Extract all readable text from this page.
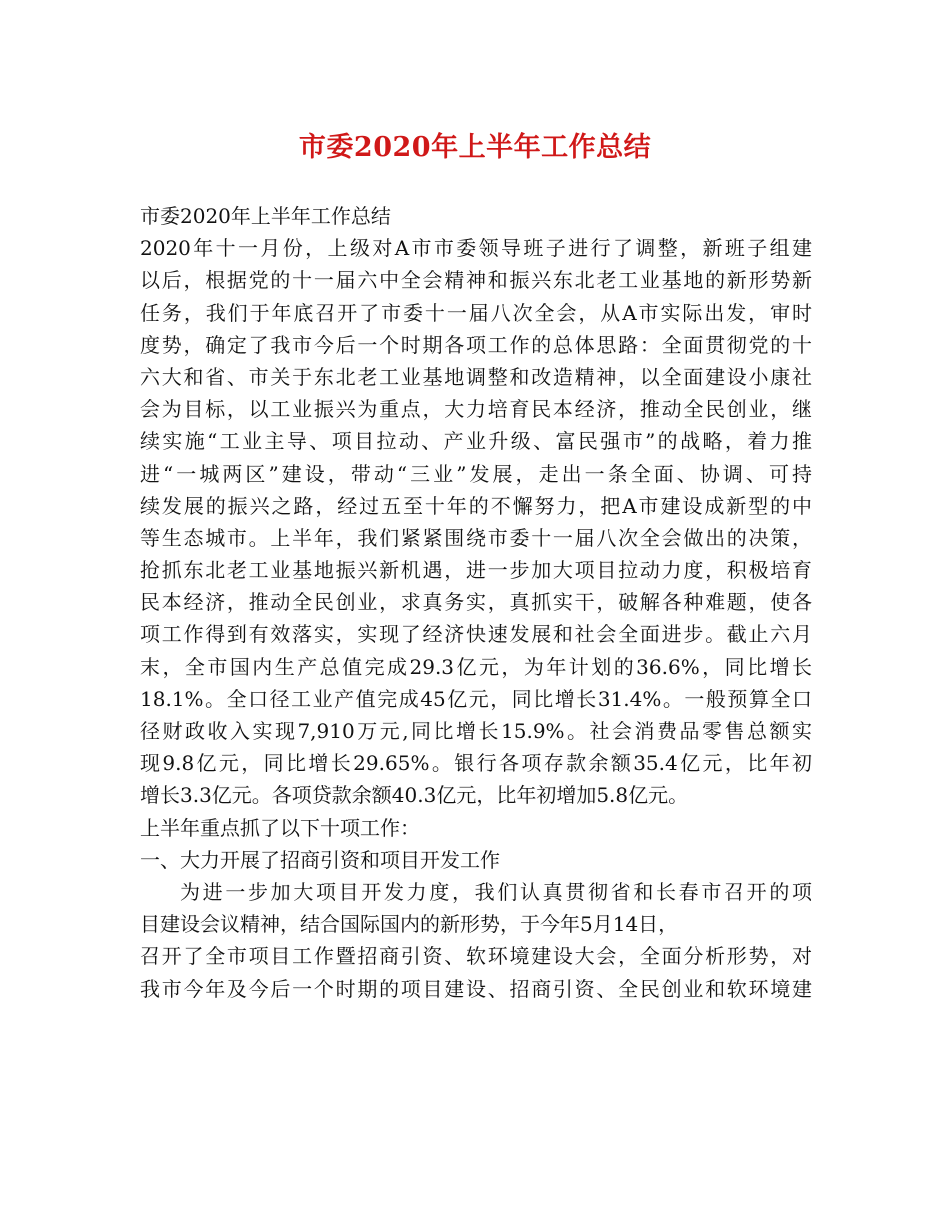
市委2020年上半年工作总结
市委2020年上半年工作总结
2020年十一月份，上级对A市市委领导班子进行了调整，新班子组建
以后，根据党的十一届六中全会精神和振兴东北老工业基地的新形势新
任务，我们于年底召开了市委十一届八次全会，从A市实际出发，审时
度势，确定了我市今后一个时期各项工作的总体思路：全面贯彻党的十
六大和省、市关于东北老工业基地调整和改造精神，以全面建设小康社
会为目标，以工业振兴为重点，大力培育民本经济，推动全民创业，继
续实施“工业主导、项目拉动、产业升级、富民强市”的战略，着力推
进“一城两区”建设，带动“三业”发展，走出一条全面、协调、可持
续发展的振兴之路，经过五至十年的不懈努力，把A市建设成新型的中
等生态城市。上半年，我们紧紧围绕市委十一届八次全会做出的决策，
抢抓东北老工业基地振兴新机遇，进一步加大项目拉动力度，积极培育
民本经济，推动全民创业，求真务实，真抓实干，破解各种难题，使各
项工作得到有效落实，实现了经济快速发展和社会全面进步。截止六月
末，全市国内生产总值完成29.3亿元，为年计划的36.6%，同比增长
18.1%。全口径工业产值完成45亿元，同比增长31.4%。一般预算全口
径财政收入实现7,910万元,同比增长15.9%。社会消费品零售总额实
现9.8亿元，同比增长29.65%。银行各项存款余额35.4亿元，比年初
增长3.3亿元。各项贷款余额40.3亿元，比年初增加5.8亿元。
上半年重点抓了以下十项工作：
一、大力开展了招商引资和项目开发工作
为进一步加大项目开发力度，我们认真贯彻省和长春市召开的项
目建设会议精神，结合国际国内的新形势，于今年5月14日，
召开了全市项目工作暨招商引资、软环境建设大会，全面分析形势，对
我市今年及今后一个时期的项目建设、招商引资、全民创业和软环境建
